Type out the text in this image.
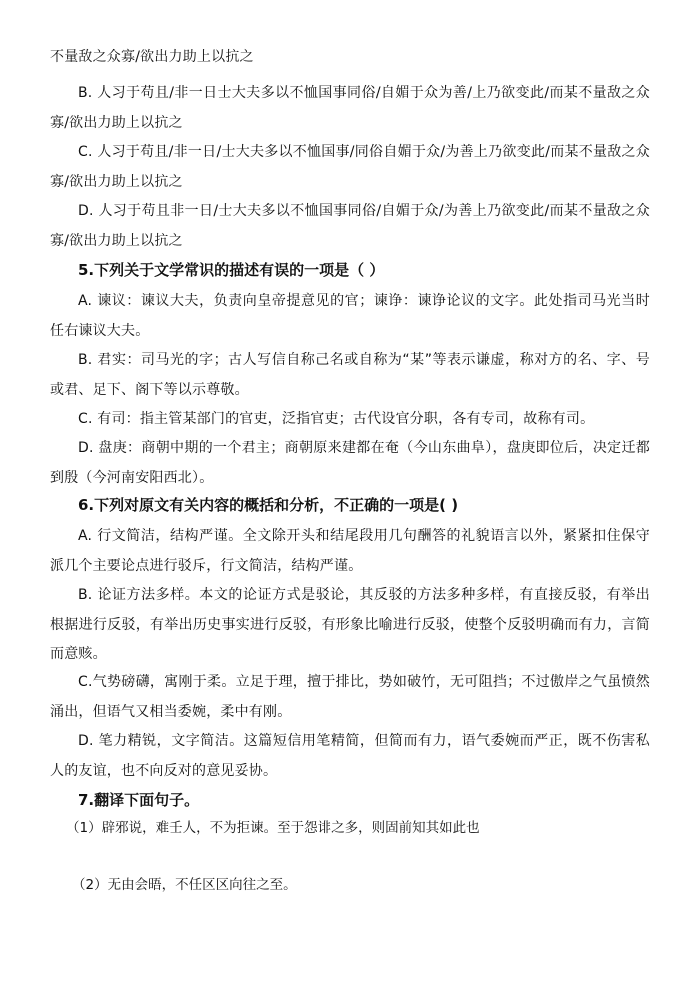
不量敌之众寡/欲出力助上以抗之
B. 人习于苟且/非一日士大夫多以不恤国事同俗/自媚于众为善/上乃欲变此/而某不量敌之众寡/欲出力助上以抗之
C. 人习于苟且/非一日/士大夫多以不恤国事/同俗自媚于众/为善上乃欲变此/而某不量敌之众寡/欲出力助上以抗之
D. 人习于苟且非一日/士大夫多以不恤国事同俗/自媚于众/为善上乃欲变此/而某不量敌之众寡/欲出力助上以抗之
5.下列关于文学常识的描述有误的一项是（ ）
A. 谏议：谏议大夫，负责向皇帝提意见的官；谏诤：谏诤论议的文字。此处指司马光当时任右谏议大夫。
B. 君实：司马光的字；古人写信自称己名或自称为“某”等表示谦虚，称对方的名、字、号或君、足下、阁下等以示尊敬。
C. 有司：指主管某部门的官吏，泛指官吏；古代设官分职，各有专司，故称有司。
D. 盘庚：商朝中期的一个君主；商朝原来建都在奄（今山东曲阜），盘庚即位后，决定迁都到殷（今河南安阳西北）。
6.下列对原文有关内容的概括和分析，不正确的一项是( )
A. 行文简洁，结构严谨。全文除开头和结尾段用几句酬答的礼貌语言以外，紧紧扣住保守派几个主要论点进行驳斥，行文简洁，结构严谨。
B. 论证方法多样。本文的论证方式是驳论，其反驳的方法多种多样，有直接反驳，有举出根据进行反驳，有举出历史事实进行反驳，有形象比喻进行反驳，使整个反驳明确而有力，言简而意赅。
C.气势磅礴，寓刚于柔。立足于理，擅于排比，势如破竹，无可阻挡；不过傲岸之气虽愤然涌出，但语气又相当委婉，柔中有刚。
D. 笔力精锐，文字简洁。这篇短信用笔精简，但简而有力，语气委婉而严正，既不伤害私人的友谊，也不向反对的意见妥协。
7.翻译下面句子。
（1）辟邪说，难壬人，不为拒谏。至于怨诽之多，则固前知其如此也
（2）无由会晤，不任区区向往之至。
